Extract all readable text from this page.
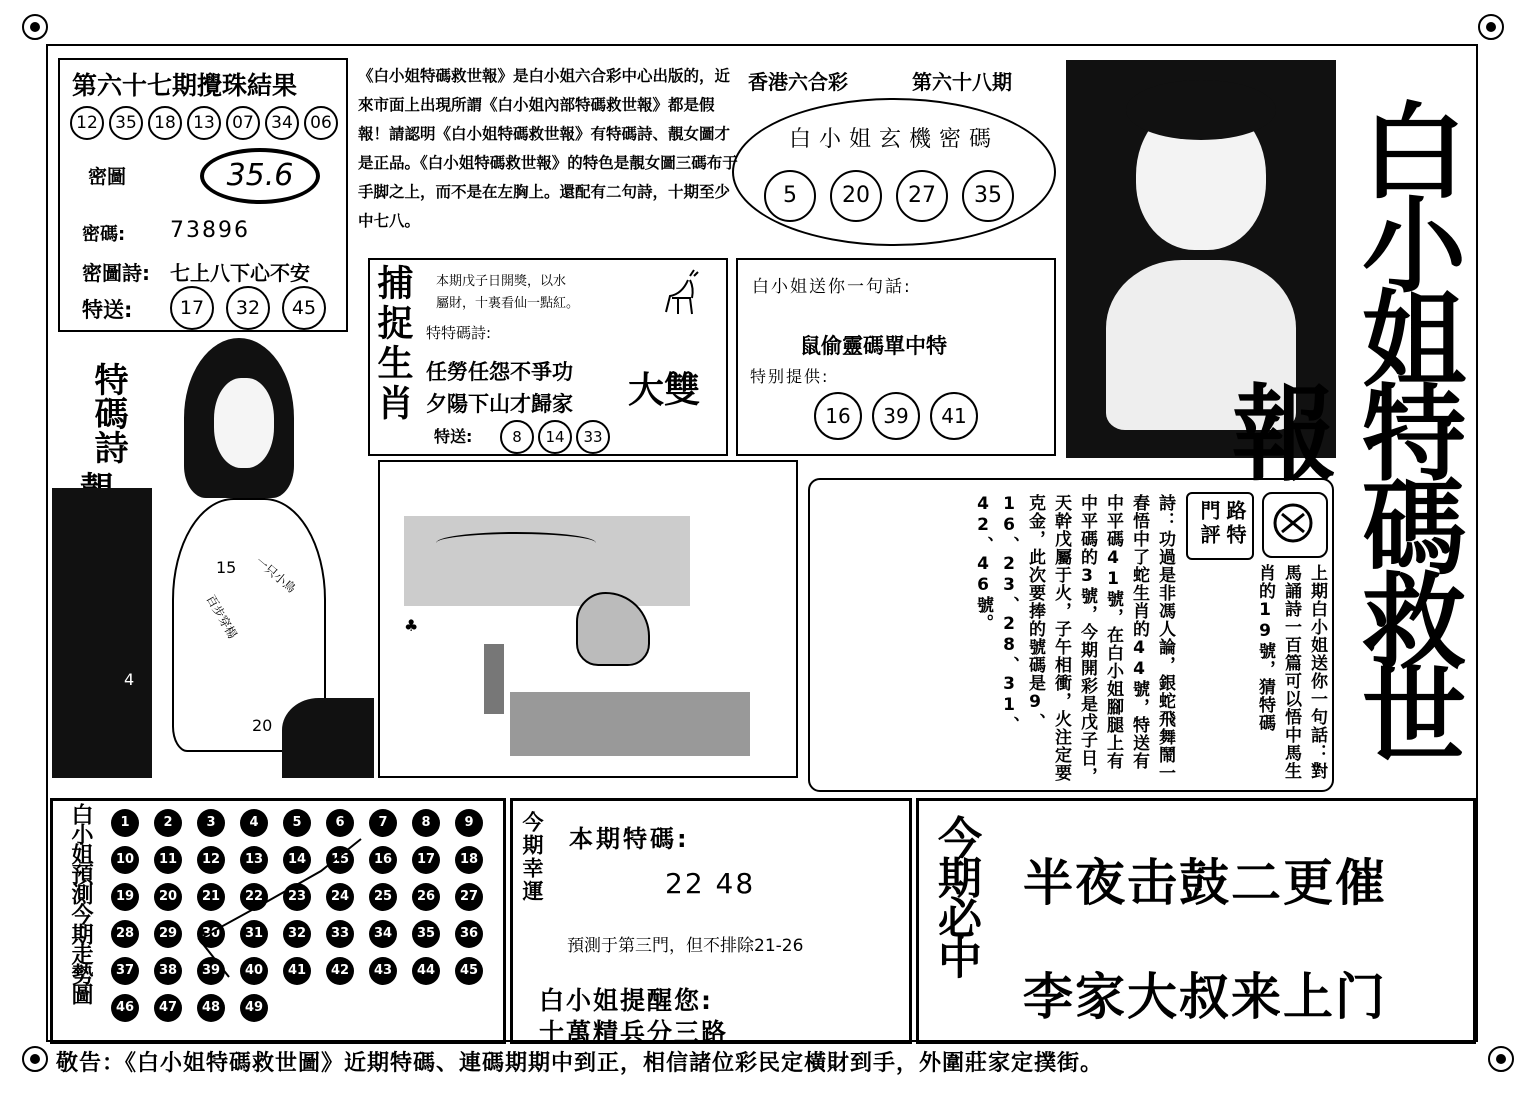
第六十七期攪珠結果
12	35	18	13	07	34	06
密圖	35.6
密碼: 73896
密圖詩: 七上八下心不安
特送:	17	32	45
《白小姐特碼救世報》是白小姐六合彩中心出版的，近來市面上出現所謂《白小姐內部特碼救世報》都是假報！請認明《白小姐特碼救世報》有特碼詩、靚女圖才是正品。《白小姐特碼救世報》的特色是靚女圖三碼布于手脚之上，而不是在左胸上。還配有二句詩，十期至少中七八。
香港六合彩	第六十八期
白小姐玄機密碼
5	20	27	35	白小姐特碼救世報
捕捉生肖 本期戊子日開獎，以水
屬財，十裏看仙一點紅。
特特碼詩:
任勞任怨不爭功
夕陽下山才歸家 大雙
特送:	8	14	33
白小姐送你一句話:
鼠偷靈碼單中特
特别提供:
16	39	41
特碼詩
15
4
20
一只小鳥
百步穿楊	♣
路特門評
上期白小姐送你一句話：對馬誦詩一百篇可以悟中馬生肖的19號，猜特碼
詩：功過是非馮人論，銀蛇飛舞鬧一春悟中了蛇生肖的44號，特送有中平碼41號，在白小姐腳腿上有中平碼的3號，今期開彩是戊子日，天幹戊屬于火，子午相衝，火注定要克金，此次要捧的號碼是9、16、23、28、31、42、46號。
白小姐預測今期走勢圖	1	2	3	4	5	6	7	8	9
10	11	12	13	14	15	16	17	18
19	20	21	22	23	24	25	26	27
28	29	30	31	32	33	34	35	36
37	38	39	40	41	42	43	44	45
46	47	48	49
今期幸運 本期特碼:
22 48
預測于第三門，但不排除21-26
白小姐提醒您:
十萬精兵分三路
今期必中 半夜击鼓二更催
李家大叔来上门
敬告：《白小姐特碼救世圖》近期特碼、連碼期期中到正，相信諸位彩民定橫財到手，外圍莊家定撲街。
